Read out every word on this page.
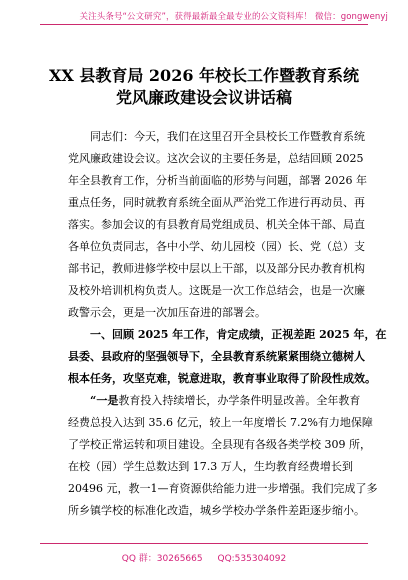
关注头条号“公文研究”，获得最新最全最专业的公文资料库！ 微信：gongwenyj
XX 县教育局 2026 年校长工作暨教育系统
党风廉政建设会议讲话稿
同志们：今天，我们在这里召开全县校长工作暨教育系统
党风廉政建设会议。这次会议的主要任务是，总结回顾 2025
年全县教育工作，分析当前面临的形势与问题，部署 2026 年
重点任务，同时就教育系统全面从严治党工作进行再动员、再
落实。参加会议的有县教育局党组成员、机关全体干部、局直
各单位负责同志，各中小学、幼儿园校（园）长、党（总）支
部书记，教师进修学校中层以上干部，以及部分民办教育机构
及校外培训机构负责人。这既是一次工作总结会，也是一次廉
政警示会，更是一次加压奋进的部署会。
一、回顾 2025 年工作，肯定成绩，正视差距 2025 年，在
县委、县政府的坚强领导下，全县教育系统紧紧围绕立德树人
根本任务，攻坚克难，锐意进取，教育事业取得了阶段性成效。
“一是教育投入持续增长，办学条件明显改善。全年教育
经费总投入达到 35.6 亿元，较上一年度增长 7.2%有力地保障
了学校正常运转和项目建设。全县现有各级各类学校 309 所，
在校（园）学生总数达到 17.3 万人，生均教育经费增长到
20496 元，教一1—育资源供给能力进一步增强。我们完成了多
所乡镇学校的标准化改造，城乡学校办学条件差距逐步缩小。
QQ 群：30265665 QQ:535304092
